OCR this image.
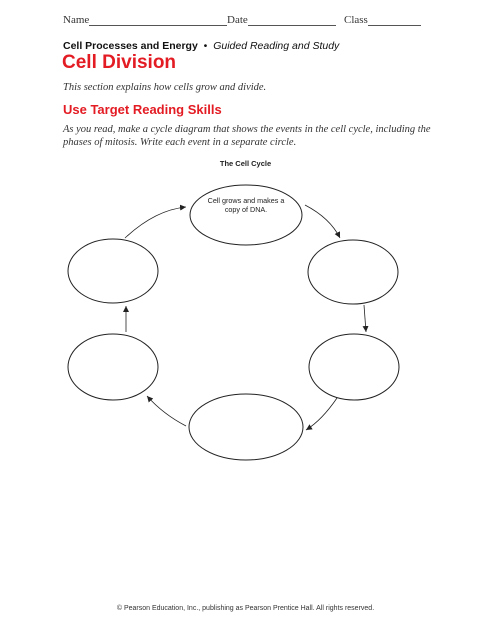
Name	Date	Class
Cell Processes and Energy • Guided Reading and Study
Cell Division
This section explains how cells grow and divide.
Use Target Reading Skills
As you read, make a cycle diagram that shows the events in the cell cycle, including the phases of mitosis. Write each event in a separate circle.
The Cell Cycle
Cell grows and makes a
copy of DNA.
© Pearson Education, Inc., publishing as Pearson Prentice Hall. All rights reserved.
